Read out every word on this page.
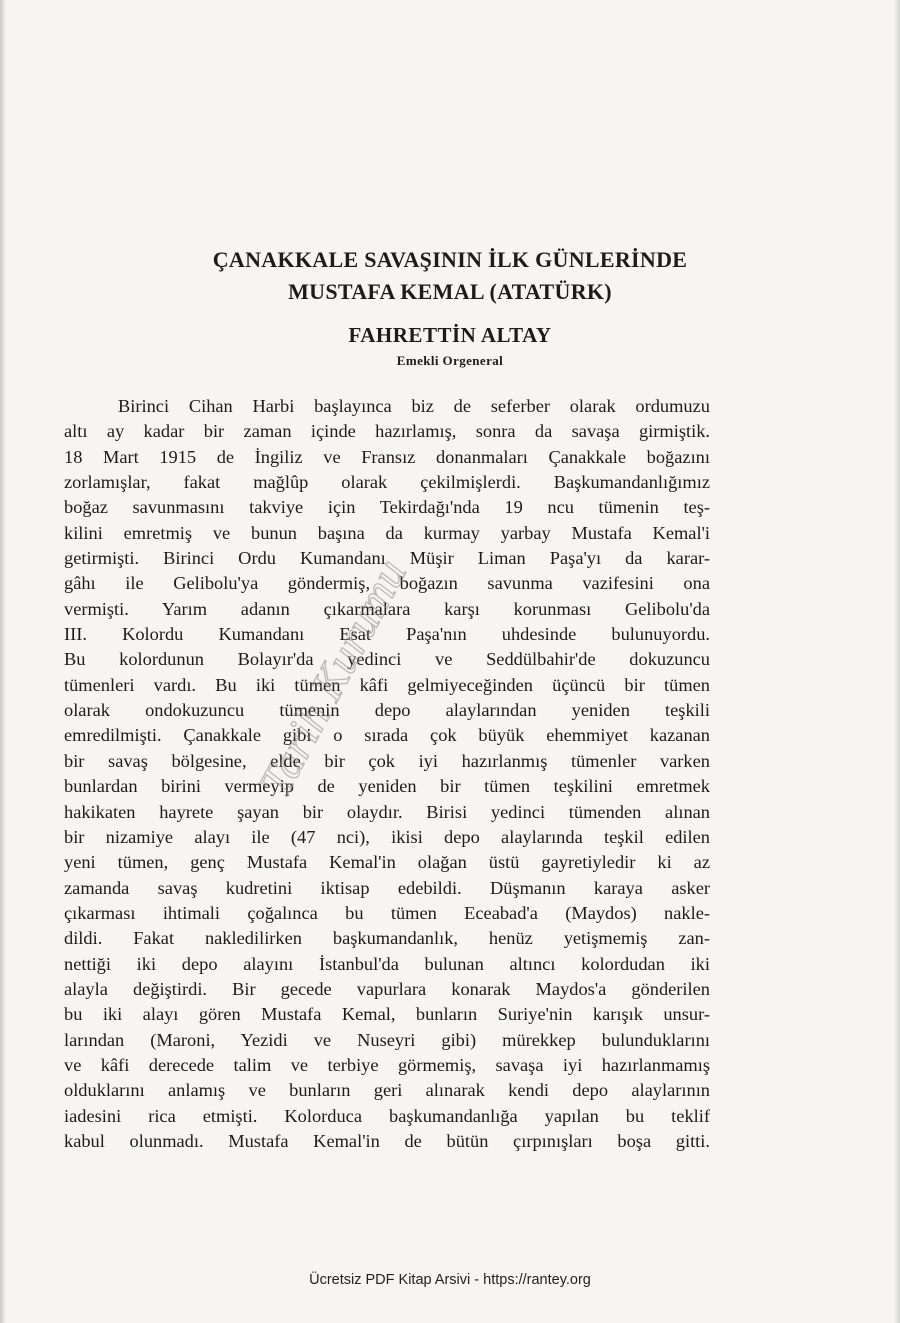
ÇANAKKALE SAVAŞININ İLK GÜNLERİNDE
MUSTAFA KEMAL (ATATÜRK)
FAHRETTİN ALTAY
Emekli Orgeneral
Birinci Cihan Harbi başlayınca biz de seferber olarak ordumuzu
altı ay kadar bir zaman içinde hazırlamış, sonra da savaşa girmiştik.
18 Mart 1915 de İngiliz ve Fransız donanmaları Çanakkale boğazını
zorlamışlar, fakat mağlûp olarak çekilmişlerdi. Başkumandanlığımız
boğaz savunmasını takviye için Tekirdağı'nda 19 ncu tümenin teş-
kilini emretmiş ve bunun başına da kurmay yarbay Mustafa Kemal'i
getirmişti. Birinci Ordu Kumandanı Müşir Liman Paşa'yı da karar-
gâhı ile Gelibolu'ya göndermiş, boğazın savunma vazifesini ona
vermişti. Yarım adanın çıkarmalara karşı korunması Gelibolu'da
III. Kolordu Kumandanı Esat Paşa'nın uhdesinde bulunuyordu.
Bu kolordunun Bolayır'da yedinci ve Seddülbahir'de dokuzuncu
tümenleri vardı. Bu iki tümen kâfi gelmiyeceğinden üçüncü bir tümen
olarak ondokuzuncu tümenin depo alaylarından yeniden teşkili
emredilmişti. Çanakkale gibi o sırada çok büyük ehemmiyet kazanan
bir savaş bölgesine, elde bir çok iyi hazırlanmış tümenler varken
bunlardan birini vermeyip de yeniden bir tümen teşkilini emretmek
hakikaten hayrete şayan bir olaydır. Birisi yedinci tümenden alınan
bir nizamiye alayı ile (47 nci), ikisi depo alaylarında teşkil edilen
yeni tümen, genç Mustafa Kemal'in olağan üstü gayretiyledir ki az
zamanda savaş kudretini iktisap edebildi. Düşmanın karaya asker
çıkarması ihtimali çoğalınca bu tümen Eceabad'a (Maydos) nakle-
dildi. Fakat nakledilirken başkumandanlık, henüz yetişmemiş zan-
nettiği iki depo alayını İstanbul'da bulunan altıncı kolordudan iki
alayla değiştirdi. Bir gecede vapurlara konarak Maydos'a gönderilen
bu iki alayı gören Mustafa Kemal, bunların Suriye'nin karışık unsur-
larından (Maroni, Yezidi ve Nuseyri gibi) mürekkep bulunduklarını
ve kâfi derecede talim ve terbiye görmemiş, savaşa iyi hazırlanmamış
olduklarını anlamış ve bunların geri alınarak kendi depo alaylarının
iadesini rica etmişti. Kolorduca başkumandanlığa yapılan bu teklif
kabul olunmadı. Mustafa Kemal'in de bütün çırpınışları boşa gitti.
Tarih Kurumu
Ücretsiz PDF Kitap Arsivi - https://rantey.org
